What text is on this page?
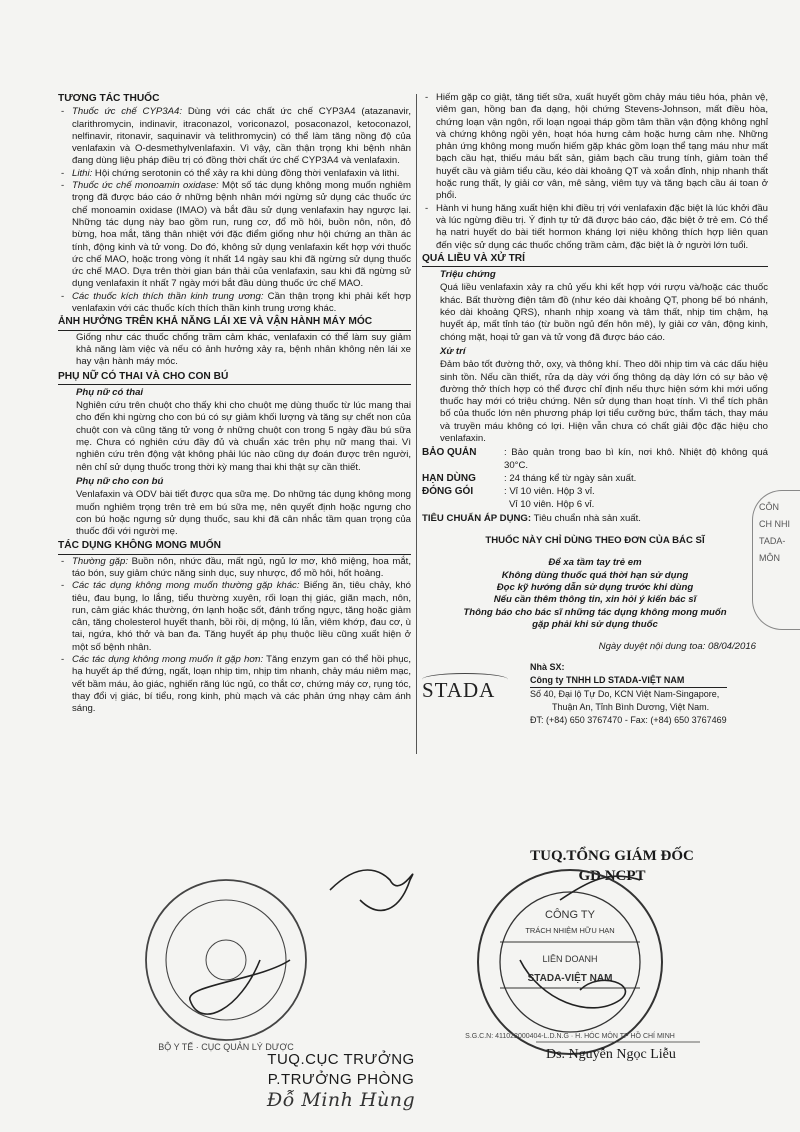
TƯƠNG TÁC THUỐC

- Thuốc ức chế CYP3A4: Dùng với các chất ức chế CYP3A4 (atazanavir, clarithromycin, indinavir, itraconazol, voriconazol, posaconazol, ketoconazol, nelfinavir, ritonavir, saquinavir và telithromycin) có thể làm tăng nồng độ của venlafaxin và O-desmethylvenlafaxin. Vì vậy, cần thận trọng khi bệnh nhân đang dùng liệu pháp điều trị có đồng thời chất ức chế CYP3A4 và venlafaxin.

- Lithi: Hội chứng serotonin có thể xảy ra khi dùng đồng thời venlafaxin và lithi.

- Thuốc ức chế monoamin oxidase: Một số tác dụng không mong muốn nghiêm trọng đã được báo cáo ở những bệnh nhân mới ngừng sử dụng các thuốc ức chế monoamin oxidase (IMAO) và bắt đầu sử dụng venlafaxin hay ngược lại. Những tác dụng này bao gồm run, rung cơ, đổ mồ hôi, buồn nôn, nôn, đỏ bừng, hoa mắt, tăng thân nhiệt với đặc điểm giống như hội chứng an thần ác tính, động kinh và tử vong. Do đó, không sử dụng venlafaxin kết hợp với thuốc ức chế MAO, hoặc trong vòng ít nhất 14 ngày sau khi đã ngừng sử dụng thuốc ức chế MAO. Dựa trên thời gian bán thải của venlafaxin, sau khi đã ngừng sử dụng venlafaxin ít nhất 7 ngày mới bắt đầu dùng thuốc ức chế MAO.

- Các thuốc kích thích thần kinh trung ương: Cần thận trọng khi phải kết hợp venlafaxin với các thuốc kích thích thần kinh trung ương khác.

ẢNH HƯỞNG TRÊN KHẢ NĂNG LÁI XE VÀ VẬN HÀNH MÁY MÓC

Giống như các thuốc chống trầm cảm khác, venlafaxin có thể làm suy giảm khả năng làm việc và nếu có ảnh hưởng xảy ra, bệnh nhân không nên lái xe hay vận hành máy móc.

PHỤ NỮ CÓ THAI VÀ CHO CON BÚ
Phụ nữ có thai

Nghiên cứu trên chuột cho thấy khi cho chuột mẹ dùng thuốc từ lúc mang thai cho đến khi ngừng cho con bú có sự giảm khối lượng và tăng sự chết non của chuột con và cũng tăng tử vong ở những chuột con trong 5 ngày đầu bú sữa mẹ. Chưa có nghiên cứu đầy đủ và chuẩn xác trên phụ nữ mang thai. Vì nghiên cứu trên động vật không phải lúc nào cũng dự đoán được trên người, nên chỉ sử dụng thuốc trong thời kỳ mang thai khi thật sự cần thiết.

Phụ nữ cho con bú

Venlafaxin và ODV bài tiết được qua sữa mẹ. Do những tác dụng không mong muốn nghiêm trọng trên trẻ em bú sữa mẹ, nên quyết định hoặc ngưng cho con bú hoặc ngưng sử dụng thuốc, sau khi đã cân nhắc tầm quan trọng của thuốc đối với người mẹ.

TÁC DỤNG KHÔNG MONG MUỐN

- Thường gặp: Buồn nôn, nhức đầu, mất ngủ, ngủ lơ mơ, khô miệng, hoa mắt, táo bón, suy giảm chức năng sinh dục, suy nhược, đổ mồ hôi, hốt hoảng.

- Các tác dụng không mong muốn thường gặp khác: Biếng ăn, tiêu chảy, khó tiêu, đau bụng, lo lắng, tiểu thường xuyên, rối loạn thị giác, giãn mạch, nôn, run, cảm giác khác thường, ớn lạnh hoặc sốt, đánh trống ngực, tăng hoặc giảm cân, tăng cholesterol huyết thanh, bồi rồi, dị mộng, lú lẫn, viêm khớp, đau cơ, ù tai, ngứa, khó thở và ban đa. Tăng huyết áp phụ thuộc liều cũng xuất hiện ở một số bệnh nhân.

- Các tác dụng không mong muốn ít gặp hơn: Tăng enzym gan có thể hồi phục, hạ huyết áp thế đứng, ngất, loạn nhịp tim, nhịp tim nhanh, chảy máu niêm mạc, vết bầm máu, ảo giác, nghiến răng lúc ngủ, co thắt cơ, chứng máy cơ, rụng tóc, thay đổi vị giác, bí tiểu, rong kinh, phù mạch và các phản ứng nhạy cảm ánh sáng.

- Hiếm gặp co giật, tăng tiết sữa, xuất huyết gồm chảy máu tiêu hóa, phản vệ, viêm gan, hồng ban đa dạng, hội chứng Stevens-Johnson, mất điều hòa, chứng loạn vận ngôn, rối loạn ngoại tháp gồm tâm thần vận động không nghỉ và chứng không ngồi yên, hoạt hóa hưng cảm hoặc hưng cảm nhẹ. Những phản ứng không mong muốn hiếm gặp khác gồm loạn thể tạng máu như mất bạch cầu hạt, thiếu máu bất sản, giảm bạch cầu trung tính, giảm toàn thể huyết cầu và giảm tiểu cầu, kéo dài khoảng QT và xoắn đỉnh, nhịp nhanh thất hoặc rung thất, ly giải cơ vân, mê sảng, viêm tụy và tăng bạch cầu ái toan ở phổi.

- Hành vi hung hăng xuất hiện khi điều trị với venlafaxin đặc biệt là lúc khởi đầu và lúc ngừng điều trị. Ý định tự tử đã được báo cáo, đặc biệt ở trẻ em. Có thể hạ natri huyết do bài tiết hormon kháng lợi niệu không thích hợp liên quan đến việc sử dụng các thuốc chống trầm cảm, đặc biệt là ở người lớn tuổi.

QUÁ LIỀU VÀ XỬ TRÍ
Triệu chứng

Quá liều venlafaxin xảy ra chủ yếu khi kết hợp với rượu và/hoặc các thuốc khác. Bất thường điện tâm đồ (như kéo dài khoảng QT, phong bế bó nhánh, kéo dài khoảng QRS), nhanh nhịp xoang và tâm thất, nhịp tim chậm, hạ huyết áp, mất tỉnh táo (từ buồn ngủ đến hôn mê), ly giải cơ vân, động kinh, chóng mặt, hoại tử gan và tử vong đã được báo cáo.

Xử trí

Đảm bảo tốt đường thở, oxy, và thông khí. Theo dõi nhịp tim và các dấu hiệu sinh tồn. Nếu cần thiết, rửa dạ dày với ống thông dạ dày lớn có sự bảo vệ đường thở thích hợp có thể được chỉ định nếu thực hiện sớm khi mới uống thuốc hay mới có triệu chứng. Nên sử dụng than hoạt tính. Vì thể tích phân bố của thuốc lớn nên phương pháp lợi tiểu cưỡng bức, thẩm tách, thay máu và truyền máu không có lợi. Hiện vẫn chưa có chất giải độc đặc hiệu cho venlafaxin.

BẢO QUẢN	: Bảo quản trong bao bì kín, nơi khô. Nhiệt độ không quá 30°C.
HẠN DÙNG	: 24 tháng kể từ ngày sản xuất.
ĐÓNG GÓI	: Vỉ 10 viên. Hộp 3 vỉ.
Vỉ 10 viên. Hộp 6 vỉ.
TIÊU CHUẨN ÁP DỤNG: Tiêu chuẩn nhà sản xuất.
THUỐC NÀY CHỈ DÙNG THEO ĐƠN CỦA BÁC SĨ
Để xa tầm tay trẻ em
Không dùng thuốc quá thời hạn sử dụng
Đọc kỹ hướng dẫn sử dụng trước khi dùng
Nếu cần thêm thông tin, xin hỏi ý kiến bác sĩ
Thông báo cho bác sĩ những tác dụng không mong muốn
gặp phải khi sử dụng thuốc
Ngày duyệt nội dung toa: 08/04/2016
STADA
Nhà SX:
Công ty TNHH LD STADA-VIỆT NAM
Số 40, Đại lộ Tự Do, KCN Việt Nam-Singapore,
Thuận An, Tỉnh Bình Dương, Việt Nam.
ĐT: (+84) 650 3767470 - Fax: (+84) 650 3767469
CÔN
CH NHI
TADA-
MÔN
TUQ.TỔNG GIÁM ĐỐC
GD NCPT
CÔNG TY
TRÁCH NHIỆM HỮU HẠN
LIÊN DOANH
STADA-VIỆT NAM
S.G.C.N: 411022000404-L.D.N.G · H. HÓC MÔN TP HỒ CHÍ MINH
BỘ Y TẾ · CỤC QUẢN LÝ DƯỢC	Ds. Nguyễn Ngọc Liễu
TUQ.CỤC TRƯỞNG
P.TRƯỞNG PHÒNG
Đỗ Minh Hùng
